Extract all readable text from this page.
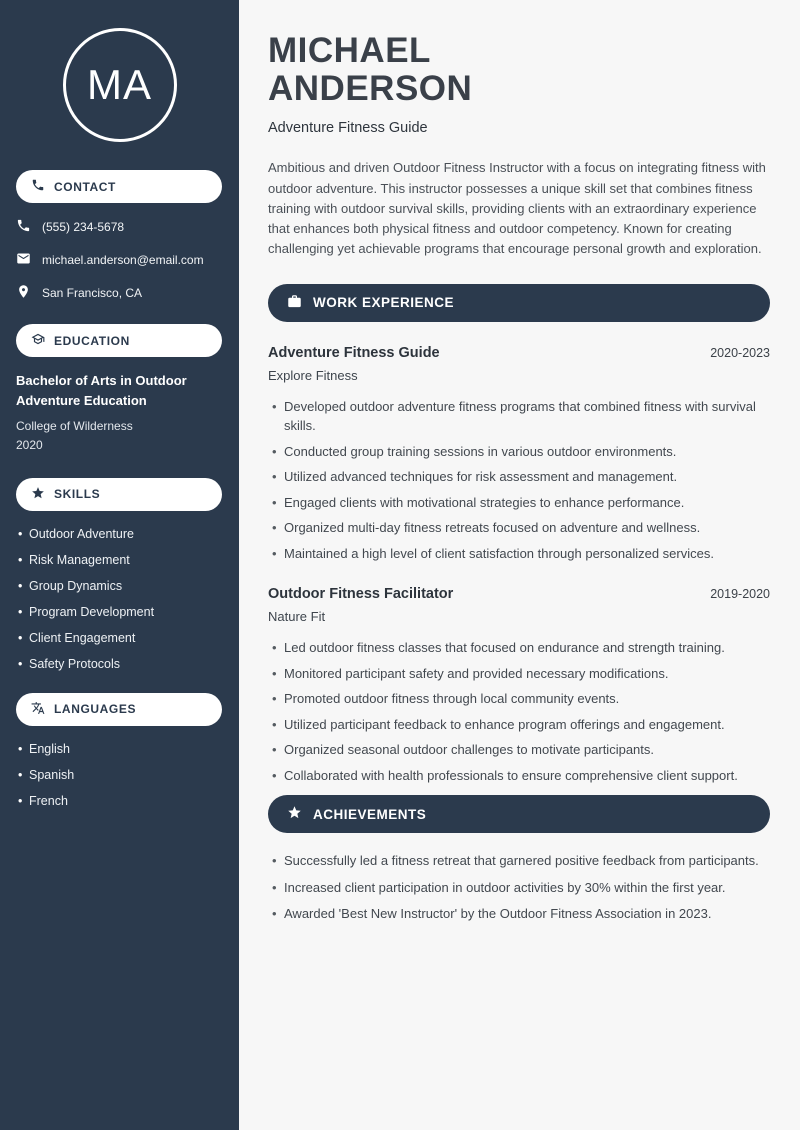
MA
CONTACT
(555) 234-5678
michael.anderson@email.com
San Francisco, CA
EDUCATION
Bachelor of Arts in Outdoor Adventure Education
College of Wilderness
2020
SKILLS
• Outdoor Adventure
• Risk Management
• Group Dynamics
• Program Development
• Client Engagement
• Safety Protocols
LANGUAGES
• English
• Spanish
• French
MICHAEL
ANDERSON
Adventure Fitness Guide

Ambitious and driven Outdoor Fitness Instructor with a focus on integrating fitness with outdoor adventure. This instructor possesses a unique skill set that combines fitness training with outdoor survival skills, providing clients with an extraordinary experience that enhances both physical fitness and outdoor competency. Known for creating challenging yet achievable programs that encourage personal growth and exploration.

WORK EXPERIENCE
Adventure Fitness Guide	2020-2023
Explore Fitness
• Developed outdoor adventure fitness programs that combined fitness with survival skills.
• Conducted group training sessions in various outdoor environments.
• Utilized advanced techniques for risk assessment and management.
• Engaged clients with motivational strategies to enhance performance.
• Organized multi-day fitness retreats focused on adventure and wellness.
• Maintained a high level of client satisfaction through personalized services.
Outdoor Fitness Facilitator	2019-2020
Nature Fit
• Led outdoor fitness classes that focused on endurance and strength training.
• Monitored participant safety and provided necessary modifications.
• Promoted outdoor fitness through local community events.
• Utilized participant feedback to enhance program offerings and engagement.
• Organized seasonal outdoor challenges to motivate participants.
• Collaborated with health professionals to ensure comprehensive client support.
ACHIEVEMENTS
• Successfully led a fitness retreat that garnered positive feedback from participants.
• Increased client participation in outdoor activities by 30% within the first year.
• Awarded 'Best New Instructor' by the Outdoor Fitness Association in 2023.
